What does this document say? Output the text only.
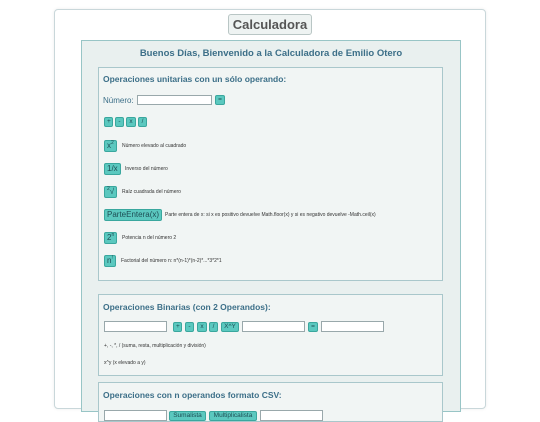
Calculadora
Buenos Días, Bienvenido a la Calculadora de Emilio Otero
Operaciones unitarias con un sólo operando:
Número:	=
+	-	x	/
$x^2$	Número elevado al cuadrado
1/x	Inverso del número
$^2$√	Raíz cuadrada del número
ParteEntera(x)	Parte entera de x: si x es positivo devuelve Math.floor(x) y si es negativo devuelve -Math.ceil(x)
2$^n$	Potencia n del número 2
n!	Factorial del número n: n*(n-1)*(n-2)*...*3*2*1
Operaciones Binarias (con 2 Operandos):
+	-	x	/	X^Y	=
+, -, *, / (suma, resta, multiplicación y división)
x^y (x elevado a y)
Operaciones con n operandos formato CSV:
Sumalista	Multiplicalista
